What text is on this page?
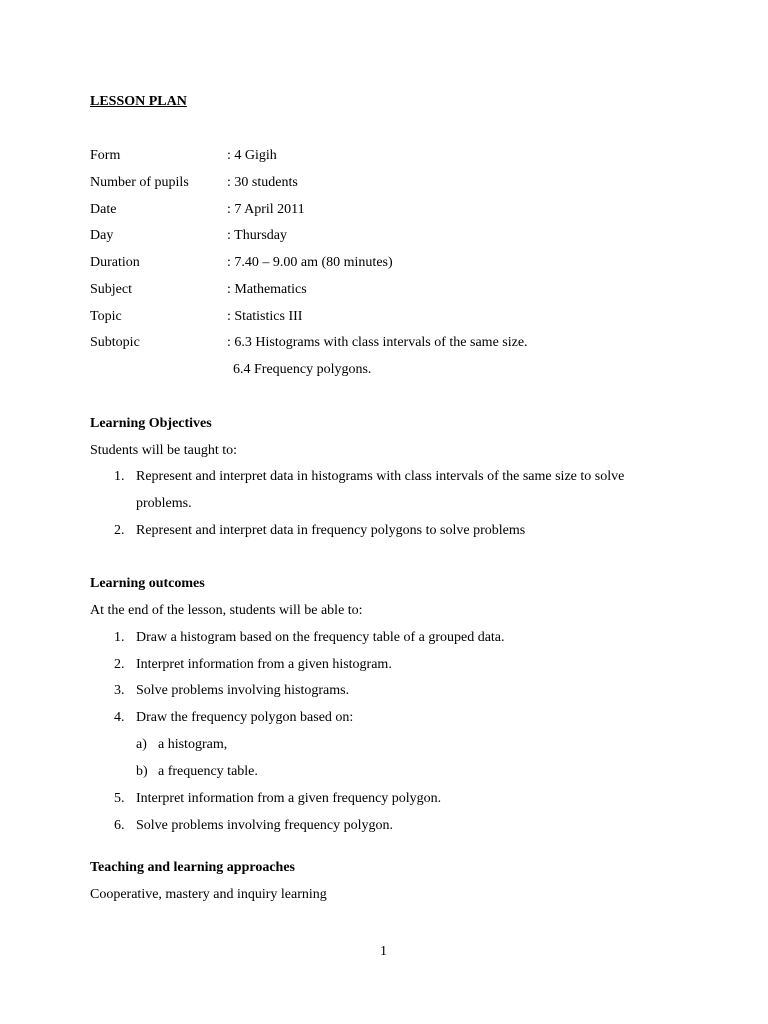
LESSON PLAN
Form	: 4 Gigih
Number of pupils	: 30 students
Date	: 7 April 2011
Day	: Thursday
Duration	: 7.40 – 9.00 am (80 minutes)
Subject	: Mathematics
Topic	: Statistics III
Subtopic	: 6.3 Histograms with class intervals of the same size.
6.4 Frequency polygons.
Learning Objectives
Students will be taught to:
1. Represent and interpret data in histograms with class intervals of the same size to solve
problems.
2. Represent and interpret data in frequency polygons to solve problems
Learning outcomes
At the end of the lesson, students will be able to:
1. Draw a histogram based on the frequency table of a grouped data.
2. Interpret information from a given histogram.
3. Solve problems involving histograms.
4. Draw the frequency polygon based on:
a) a histogram,
b) a frequency table.
5. Interpret information from a given frequency polygon.
6. Solve problems involving frequency polygon.
Teaching and learning approaches
Cooperative, mastery and inquiry learning
1
